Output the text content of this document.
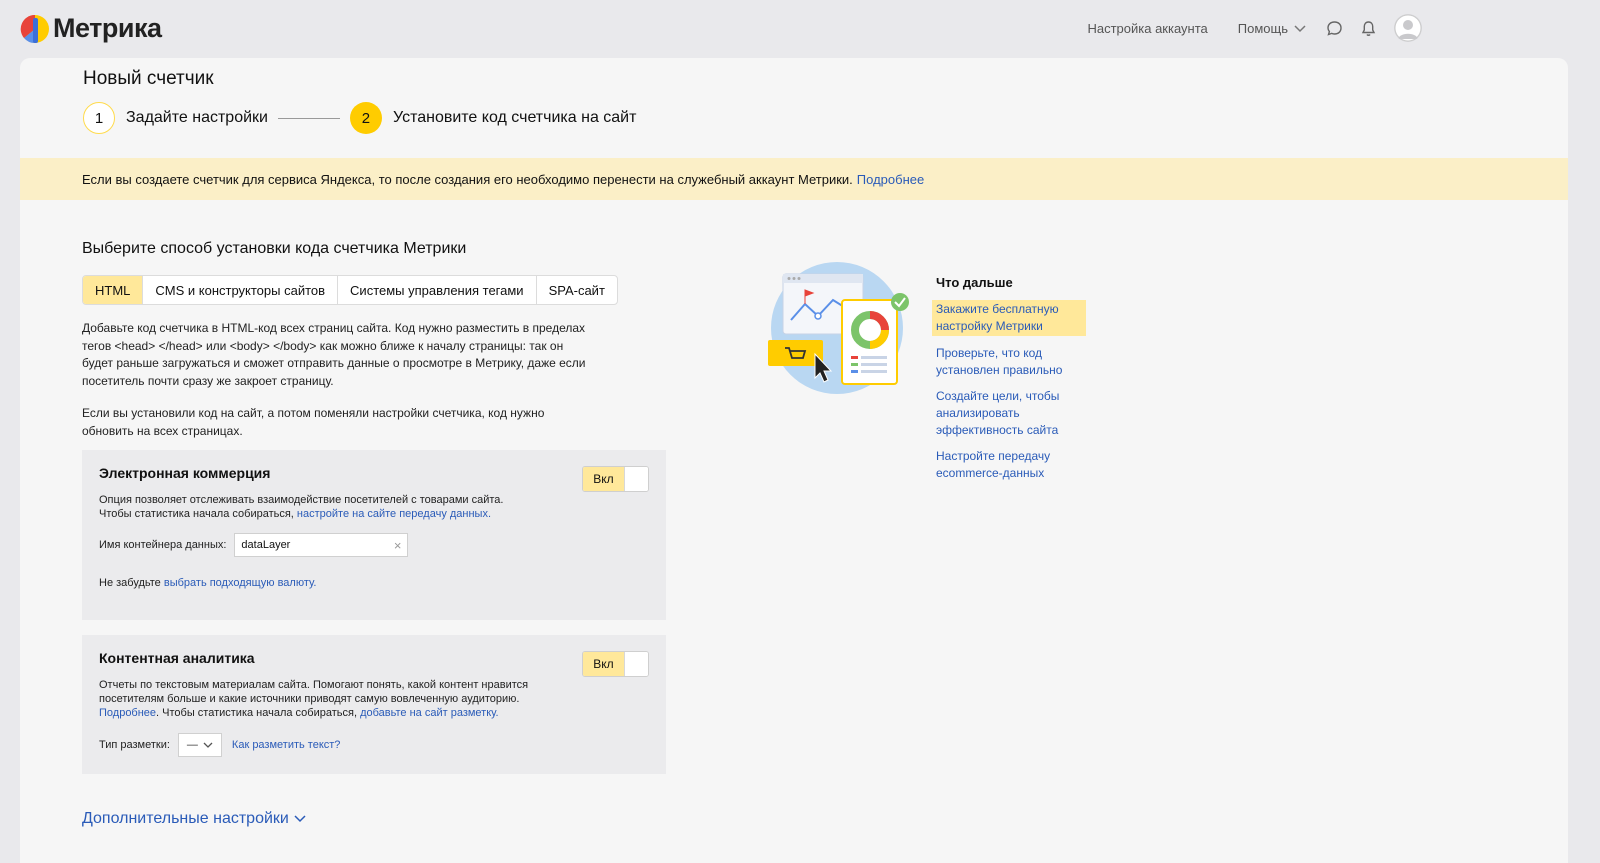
Метрика	Настройка аккаунта Помощь
Новый счетчик
1	Задайте настройки	2	Установите код счетчика на сайт
Если вы создаете счетчик для сервиса Яндекса, то после создания его необходимо перенести на служебный аккаунт Метрики. Подробнее
Выберите способ установки кода счетчика Метрики
HTML	CMS и конструкторы сайтов	Системы управления тегами	SPA-сайт
Добавьте код счетчика в HTML-код всех страниц сайта. Код нужно разместить в пределах тегов <head> </head> или <body> </body> как можно ближе к началу страницы: так он будет раньше загружаться и сможет отправить данные о просмотре в Метрику, даже если посетитель почти сразу же закроет страницу.
Если вы установили код на сайт, а потом поменяли настройки счетчика, код нужно обновить на всех страницах.
Электронная коммерция	Вкл
Опция позволяет отслеживать взаимодействие посетителей с товарами сайта.
Чтобы статистика начала собираться, настройте на сайте передачу данных.
Имя контейнера данных: dataLayer	×
Не забудьте выбрать подходящую валюту.
Контентная аналитика	Вкл
Отчеты по текстовым материалам сайта. Помогают понять, какой контент нравится посетителям больше и какие источники приводят самую вовлеченную аудиторию. Подробнее. Чтобы статистика начала собираться, добавьте на сайт разметку.
Тип разметки: —	Как разметить текст?
Дополнительные настройки
Что дальше
Закажите бесплатную настройку Метрики
Проверьте, что код установлен правильно
Создайте цели, чтобы анализировать эффективность сайта
Настройте передачу ecommerce-данных
